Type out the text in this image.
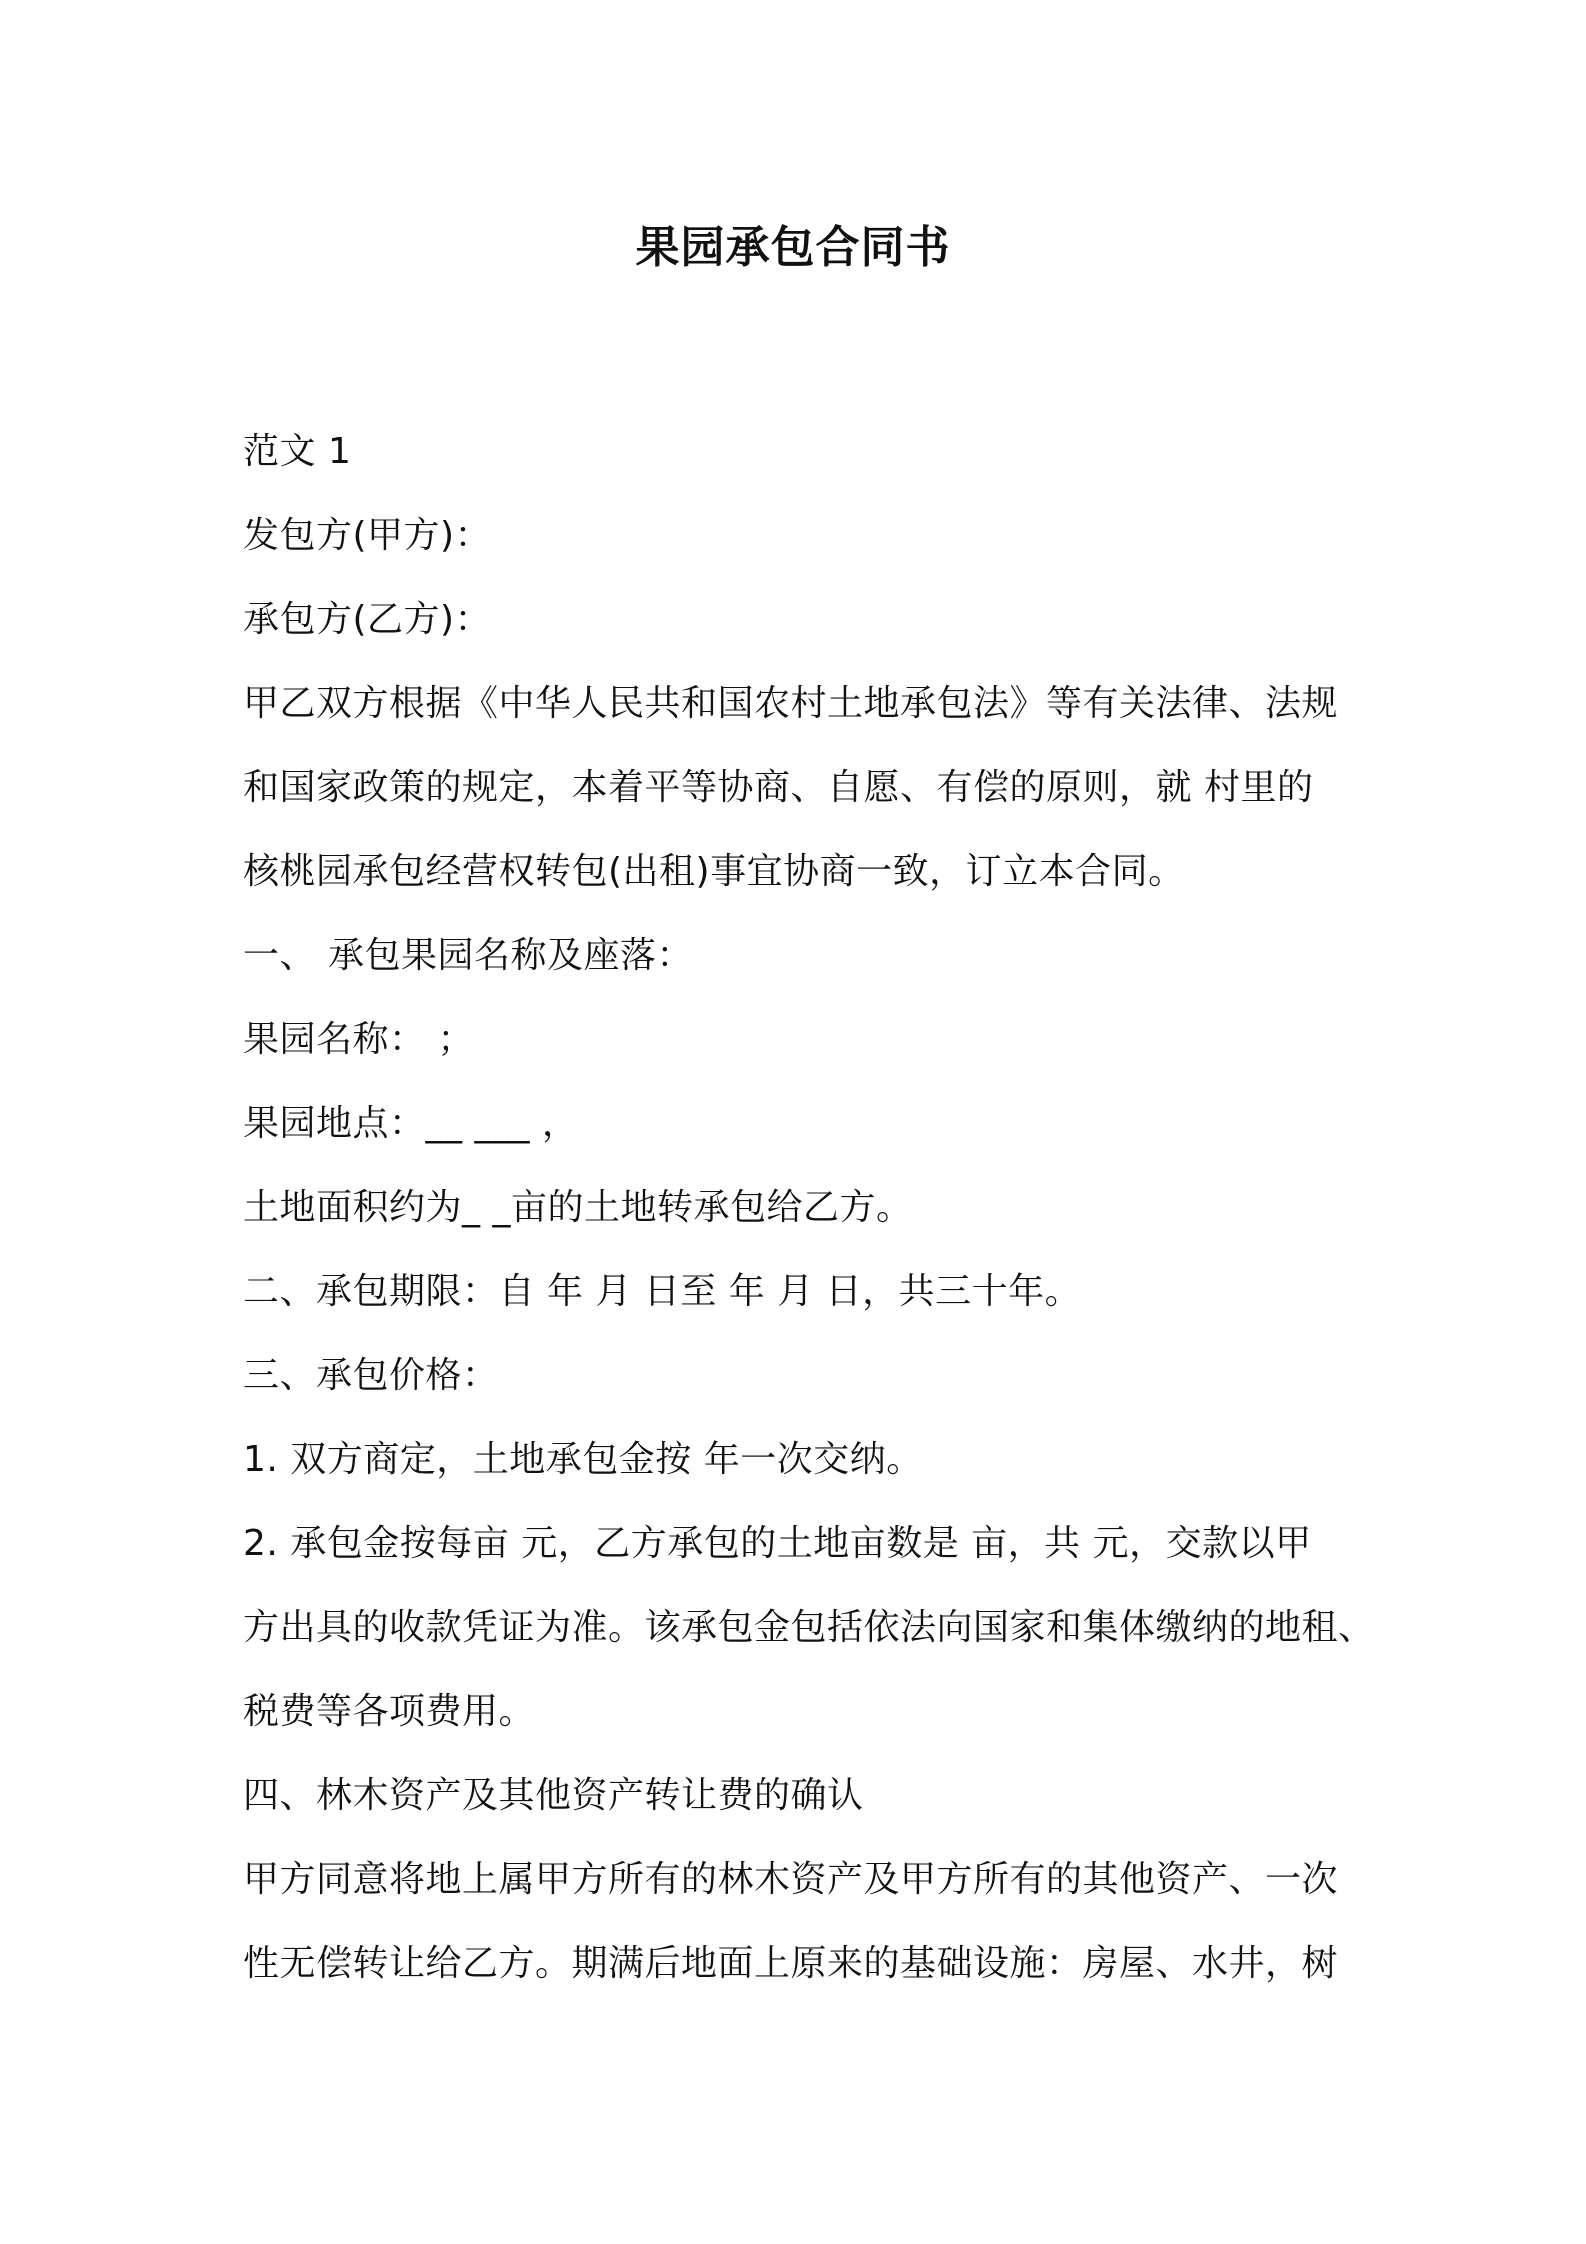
果园承包合同书
范文 1
发包方(甲方)：
承包方(乙方)：
甲乙双方根据《中华人民共和国农村土地承包法》等有关法律、法规
和国家政策的规定，本着平等协商、自愿、有偿的原则，就 村里的
核桃园承包经营权转包(出租)事宜协商一致，订立本合同。
一、 承包果园名称及座落：
果园名称： ；
果园地点：__ ___ ，
土地面积约为_ _亩的土地转承包给乙方。
二、承包期限：自 年 月 日至 年 月 日，共三十年。
三、承包价格：
1. 双方商定，土地承包金按 年一次交纳。
2. 承包金按每亩 元，乙方承包的土地亩数是 亩，共 元，交款以甲
方出具的收款凭证为准。该承包金包括依法向国家和集体缴纳的地租、
税费等各项费用。
四、林木资产及其他资产转让费的确认
甲方同意将地上属甲方所有的林木资产及甲方所有的其他资产、一次
性无偿转让给乙方。期满后地面上原来的基础设施：房屋、水井，树
